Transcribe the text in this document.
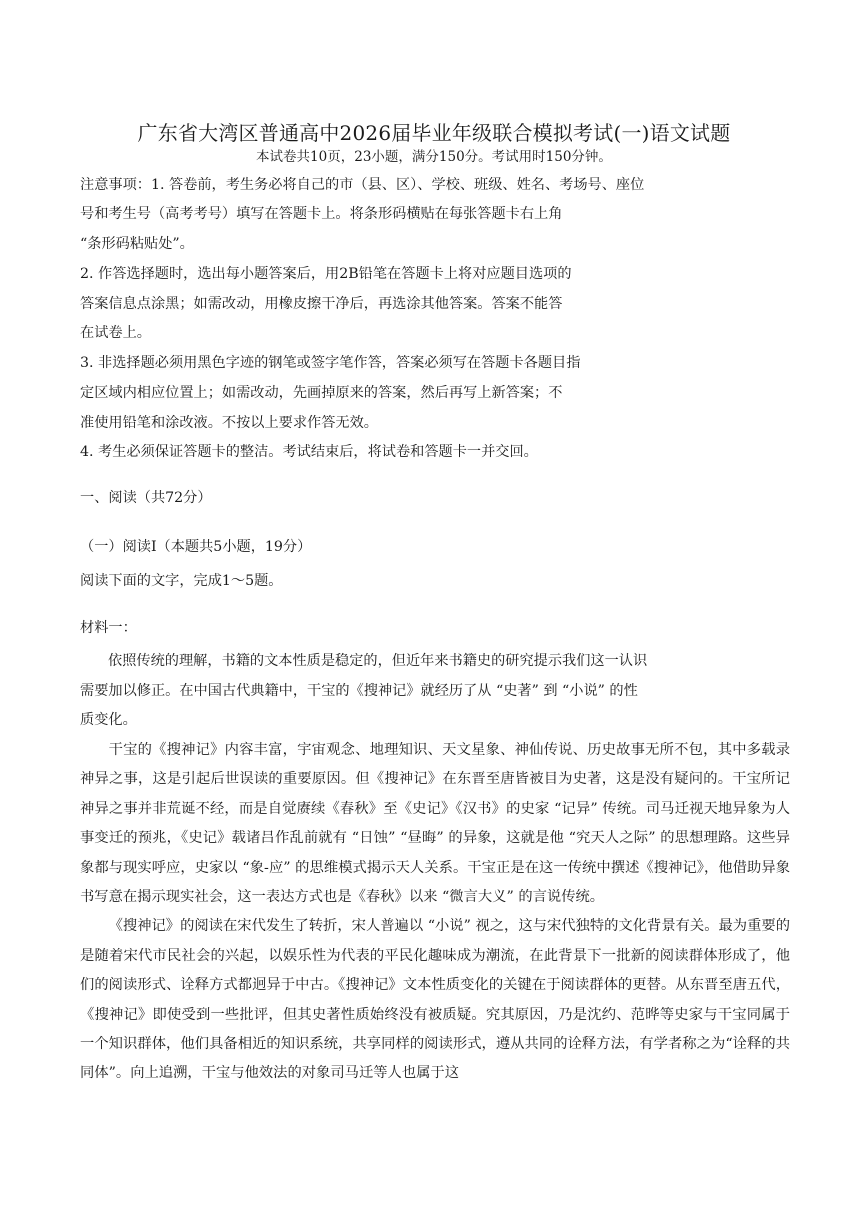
广东省大湾区普通高中2026届毕业年级联合模拟考试(一)语文试题
本试卷共10页，23小题，满分150分。考试用时150分钟。
注意事项：1. 答卷前，考生务必将自己的市（县、区）、学校、班级、姓名、考场号、座位
号和考生号（高考考号）填写在答题卡上。将条形码横贴在每张答题卡右上角
“条形码粘贴处”。
2. 作答选择题时，选出每小题答案后，用2B铅笔在答题卡上将对应题目选项的
答案信息点涂黑；如需改动，用橡皮擦干净后，再选涂其他答案。答案不能答
在试卷上。
3. 非选择题必须用黑色字迹的钢笔或签字笔作答，答案必须写在答题卡各题目指
定区域内相应位置上；如需改动，先画掉原来的答案，然后再写上新答案；不
准使用铅笔和涂改液。不按以上要求作答无效。
4. 考生必须保证答题卡的整洁。考试结束后，将试卷和答题卡一并交回。
一、阅读（共72分）
（一）阅读Ⅰ（本题共5小题，19分）
阅读下面的文字，完成1～5题。
材料一：
依照传统的理解，书籍的文本性质是稳定的，但近年来书籍史的研究提示我们这一认识
需要加以修正。在中国古代典籍中，干宝的《搜神记》就经历了从 “史著” 到 “小说” 的性
质变化。

干宝的《搜神记》内容丰富，宇宙观念、地理知识、天文星象、神仙传说、历史故事无所不包，其中多载录神异之事，这是引起后世误读的重要原因。但《搜神记》在东晋至唐皆被目为史著，这是没有疑问的。干宝所记神异之事并非荒诞不经，而是自觉赓续《春秋》至《史记》《汉书》的史家 “记异” 传统。司马迁视天地异象为人事变迁的预兆，《史记》载诸吕作乱前就有 “日蚀” “昼晦” 的异象，这就是他 “究天人之际” 的思想理路。这些异象都与现实呼应，史家以 “象-应” 的思维模式揭示天人关系。干宝正是在这一传统中撰述《搜神记》，他借助异象书写意在揭示现实社会，这一表达方式也是《春秋》以来 “微言大义” 的言说传统。

《搜神记》的阅读在宋代发生了转折，宋人普遍以 “小说” 视之，这与宋代独特的文化背景有关。最为重要的是随着宋代市民社会的兴起，以娱乐性为代表的平民化趣味成为潮流，在此背景下一批新的阅读群体形成了，他们的阅读形式、诠释方式都迥异于中古。《搜神记》文本性质变化的关键在于阅读群体的更替。从东晋至唐五代，《搜神记》即使受到一些批评，但其史著性质始终没有被质疑。究其原因，乃是沈约、范晔等史家与干宝同属于一个知识群体，他们具备相近的知识系统，共享同样的阅读形式，遵从共同的诠释方法，有学者称之为“诠释的共同体”。向上追溯，干宝与他效法的对象司马迁等人也属于这
